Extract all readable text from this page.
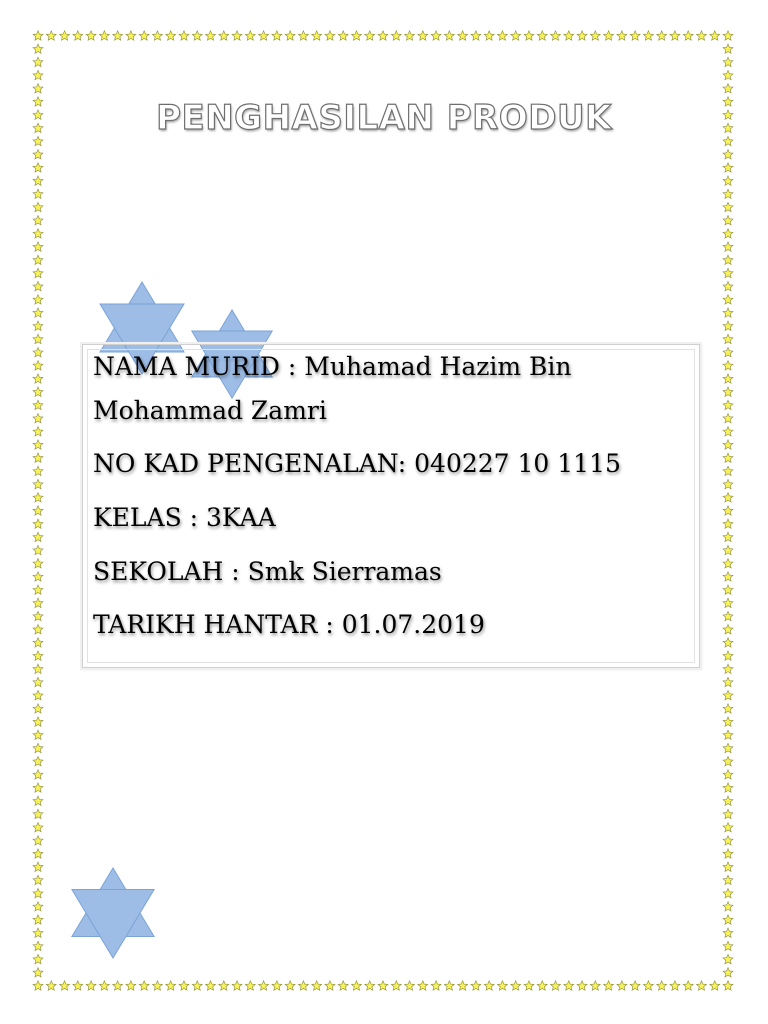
PENGHASILAN PRODUK
NAMA MURID : Muhamad Hazim Bin
Mohammad Zamri
NO KAD PENGENALAN: 040227 10 1115
KELAS : 3KAA
SEKOLAH : Smk Sierramas
TARIKH HANTAR : 01.07.2019
